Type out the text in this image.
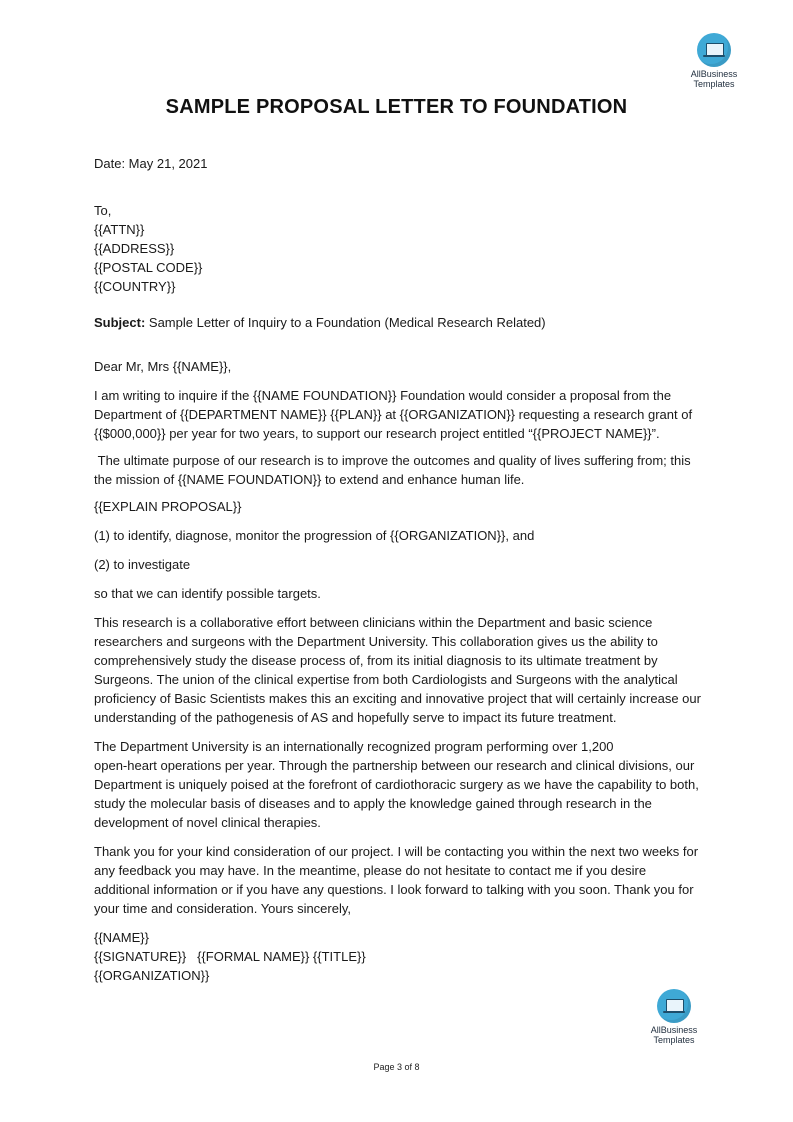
AllBusiness
Templates
SAMPLE PROPOSAL LETTER TO FOUNDATION

Date: May 21, 2021

To,

{{ATTN}}

{{ADDRESS}}

{{POSTAL CODE}}

{{COUNTRY}}

Subject: Sample Letter of Inquiry to a Foundation (Medical Research Related)

Dear Mr, Mrs {{NAME}},

I am writing to inquire if the {{NAME FOUNDATION}} Foundation would consider a proposal from the Department of {{DEPARTMENT NAME}} {{PLAN}} at {{ORGANIZATION}} requesting a research grant of {{$000,000}} per year for two years, to support our research project entitled “{{PROJECT NAME}}”.

The ultimate purpose of our research is to improve the outcomes and quality of lives suffering from; this the mission of {{NAME FOUNDATION}} to extend and enhance human life.

{{EXPLAIN PROPOSAL}}

(1) to identify, diagnose, monitor the progression of {{ORGANIZATION}}, and

(2) to investigate

so that we can identify possible targets.

This research is a collaborative effort between clinicians within the Department and basic science researchers and surgeons with the Department University. This collaboration gives us the ability to comprehensively study the disease process of, from its initial diagnosis to its ultimate treatment by Surgeons. The union of the clinical expertise from both Cardiologists and Surgeons with the analytical proficiency of Basic Scientists makes this an exciting and innovative project that will certainly increase our understanding of the pathogenesis of AS and hopefully serve to impact its future treatment.

The Department University is an internationally recognized program performing over 1,200

open-heart operations per year. Through the partnership between our research and clinical divisions, our Department is uniquely poised at the forefront of cardiothoracic surgery as we have the capability to both, study the molecular basis of diseases and to apply the knowledge gained through research in the development of novel clinical therapies.

Thank you for your kind consideration of our project. I will be contacting you within the next two weeks for any feedback you may have. In the meantime, please do not hesitate to contact me if you desire additional information or if you have any questions. I look forward to talking with you soon. Thank you for your time and consideration. Yours sincerely,

{{NAME}}

{{SIGNATURE}}   {{FORMAL NAME}} {{TITLE}}

{{ORGANIZATION}}

AllBusiness
Templates
Page 3 of 8
